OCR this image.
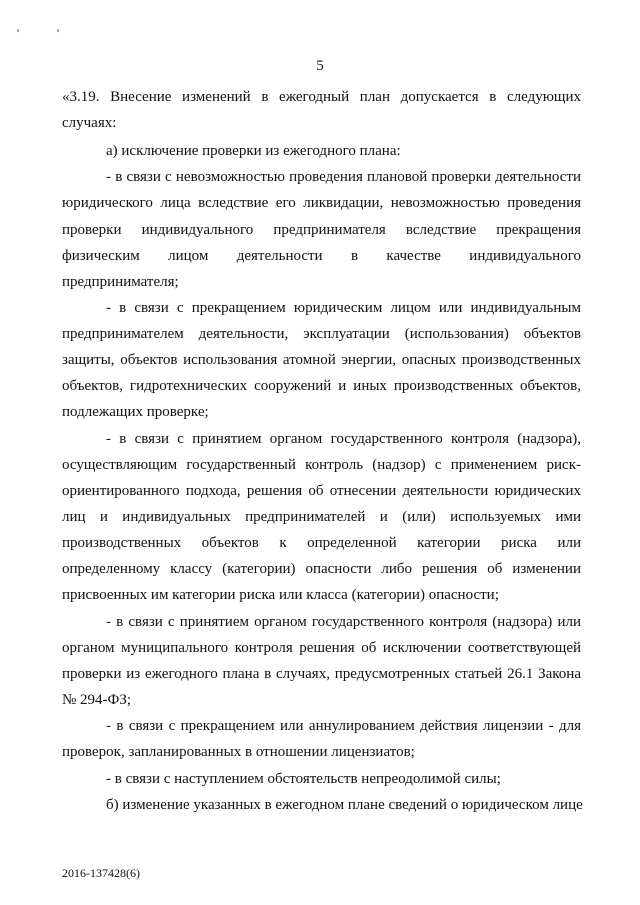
'	'
5
«3.19. Внесение изменений в ежегодный план допускается в следующих
случаях:
а) исключение проверки из ежегодного плана:
- в связи с невозможностью проведения плановой проверки деятельности
юридического лица вследствие его ликвидации, невозможностью проведения
проверки индивидуального предпринимателя вследствие прекращения
физическим лицом деятельности в качестве индивидуального
предпринимателя;
- в связи с прекращением юридическим лицом или индивидуальным
предпринимателем деятельности, эксплуатации (использования) объектов
защиты, объектов использования атомной энергии, опасных производственных
объектов, гидротехнических сооружений и иных производственных объектов,
подлежащих проверке;
- в связи с принятием органом государственного контроля (надзора),
осуществляющим государственный контроль (надзор) с применением риск-
ориентированного подхода, решения об отнесении деятельности юридических
лиц и индивидуальных предпринимателей и (или) используемых ими
производственных объектов к определенной категории риска или
определенному классу (категории) опасности либо решения об изменении
присвоенных им категории риска или класса (категории) опасности;
- в связи с принятием органом государственного контроля (надзора) или
органом муниципального контроля решения об исключении соответствующей
проверки из ежегодного плана в случаях, предусмотренных статьей 26.1 Закона
№ 294-ФЗ;
- в связи с прекращением или аннулированием действия лицензии - для
проверок, запланированных в отношении лицензиатов;
- в связи с наступлением обстоятельств непреодолимой силы;
б) изменение указанных в ежегодном плане сведений о юридическом лице
2016-137428(6)
